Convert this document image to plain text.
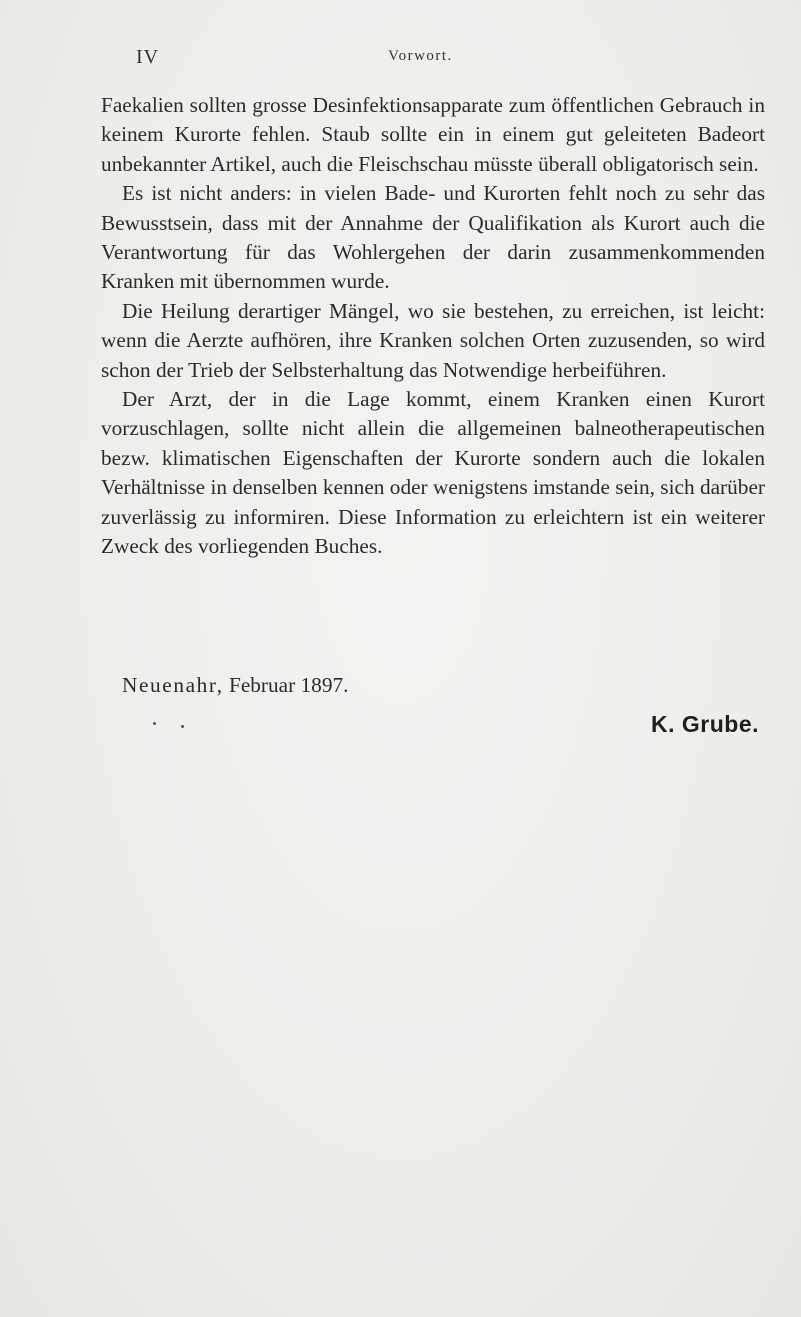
IV	Vorwort.

Faekalien sollten grosse Desinfektionsapparate zum öffentlichen Gebrauch in keinem Kurorte fehlen. Staub sollte ein in einem gut geleiteten Badeort unbekannter Artikel, auch die Fleischschau müsste überall obligatorisch sein.

Es ist nicht anders: in vielen Bade- und Kurorten fehlt noch zu sehr das Bewusstsein, dass mit der Annahme der Qualifikation als Kurort auch die Verantwortung für das Wohlergehen der darin zusammenkommenden Kranken mit übernommen wurde.

Die Heilung derartiger Mängel, wo sie bestehen, zu erreichen, ist leicht: wenn die Aerzte aufhören, ihre Kranken solchen Orten zuzusenden, so wird schon der Trieb der Selbsterhaltung das Notwendige herbeiführen.

Der Arzt, der in die Lage kommt, einem Kranken einen Kurort vorzuschlagen, sollte nicht allein die allgemeinen balneotherapeutischen bezw. klimatischen Eigenschaften der Kurorte sondern auch die lokalen Verhältnisse in denselben kennen oder wenigstens imstande sein, sich darüber zuverlässig zu informiren. Diese Information zu erleichtern ist ein weiterer Zweck des vorliegenden Buches.

Neuenahr, Februar 1897.
K. Grube.
